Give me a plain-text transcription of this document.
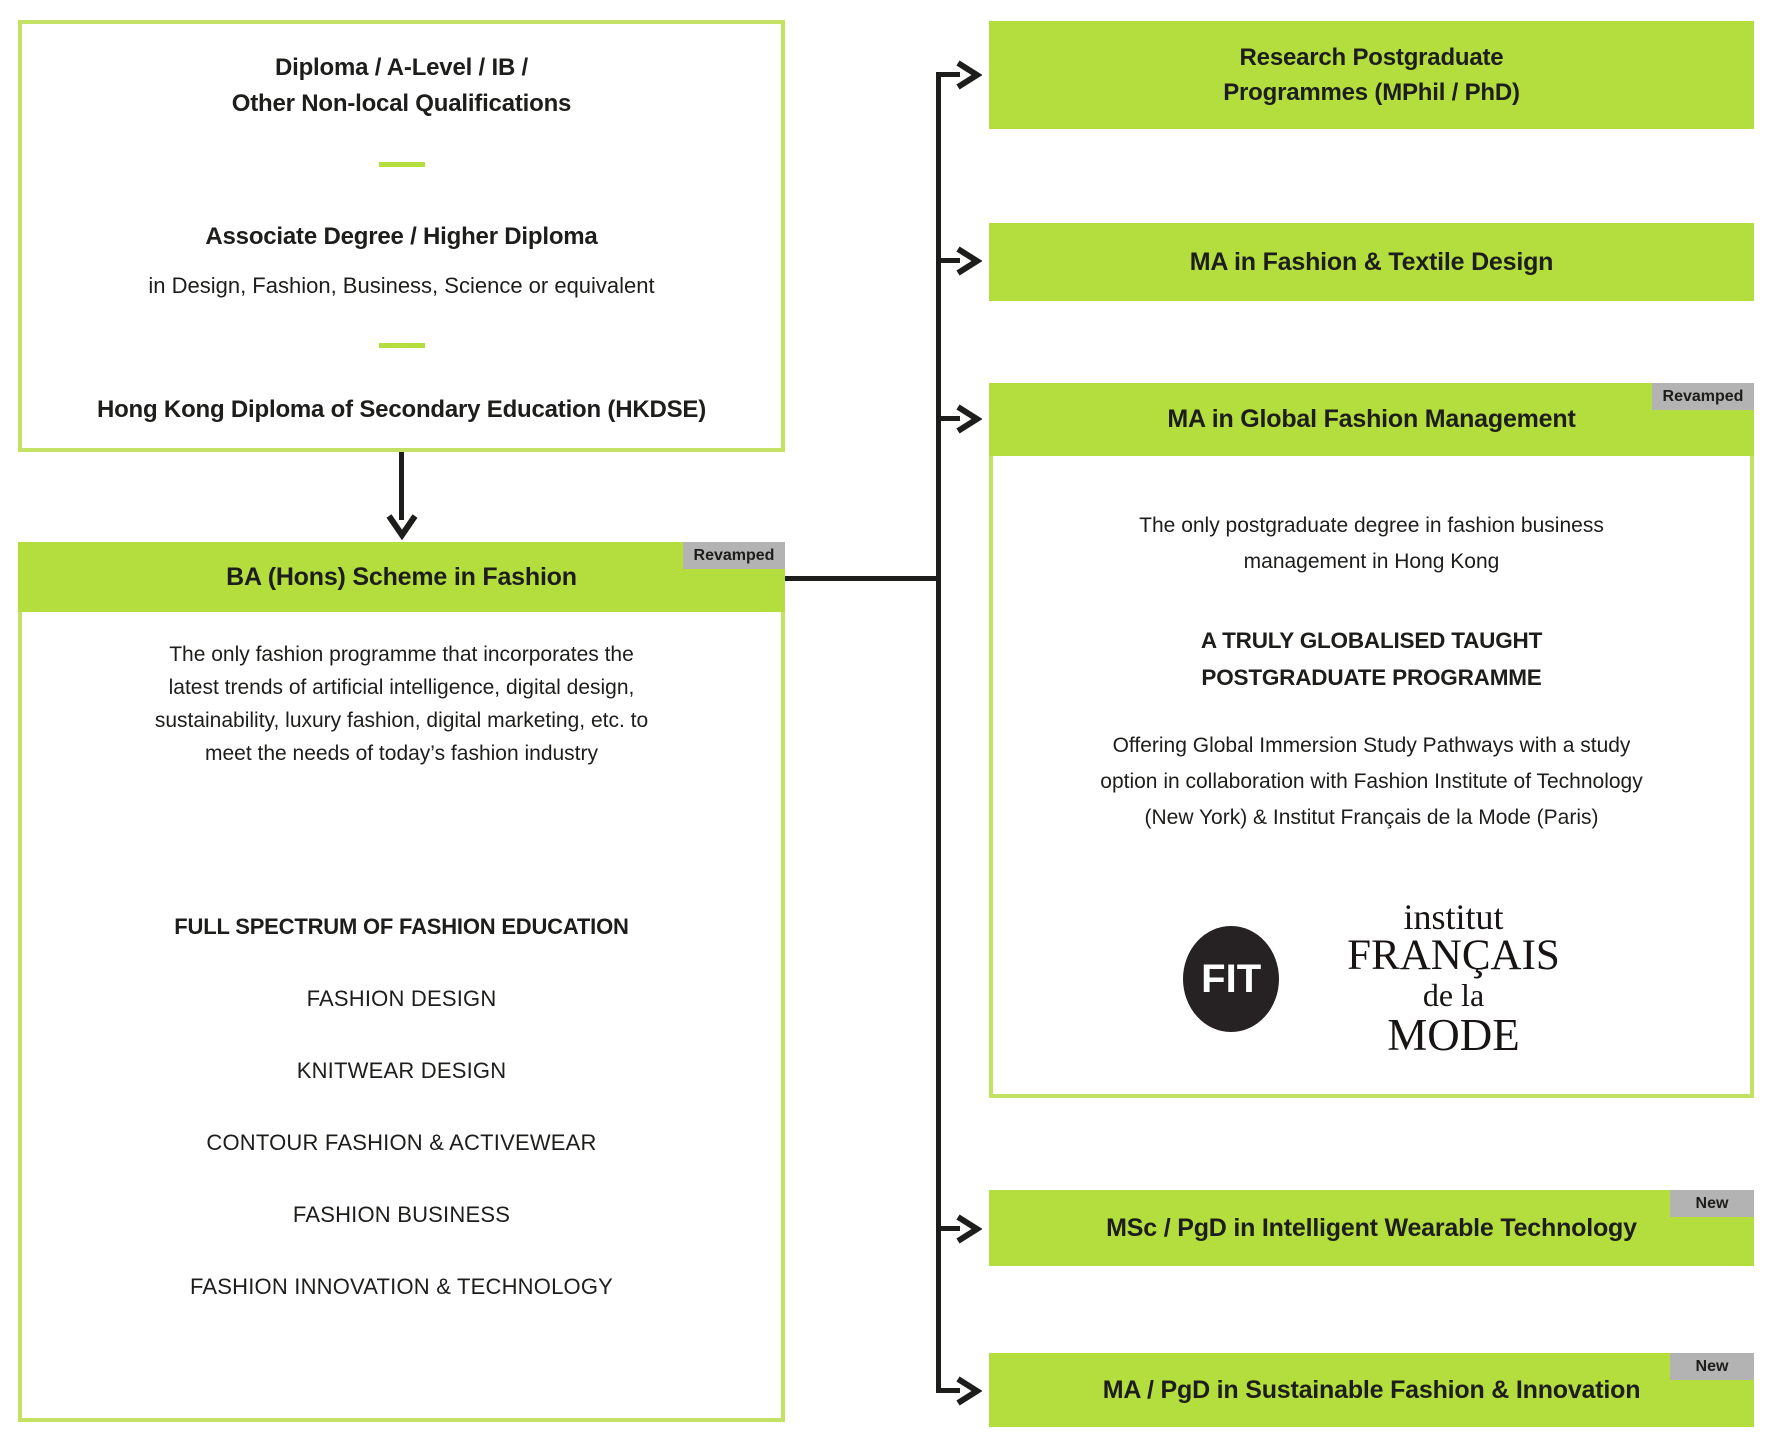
Diploma / A-Level / IB /
Other Non-local Qualifications
Associate Degree / Higher Diploma
in Design, Fashion, Business, Science or equivalent
Hong Kong Diploma of Secondary Education (HKDSE)
BA (Hons) Scheme in Fashion
Revamped
The only fashion programme that incorporates the
latest trends of artificial intelligence, digital design,
sustainability, luxury fashion, digital marketing, etc. to
meet the needs of today’s fashion industry
FULL SPECTRUM OF FASHION EDUCATION
FASHION DESIGN
KNITWEAR DESIGN
CONTOUR FASHION & ACTIVEWEAR
FASHION BUSINESS
FASHION INNOVATION & TECHNOLOGY
Research Postgraduate
Programmes (MPhil / PhD)
MA in Fashion & Textile Design
MA in Global Fashion Management
Revamped
The only postgraduate degree in fashion business
management in Hong Kong
A TRULY GLOBALISED TAUGHT
POSTGRADUATE PROGRAMME
Offering Global Immersion Study Pathways with a study
option in collaboration with Fashion Institute of Technology
(New York) & Institut Français de la Mode (Paris)
FIT
institut
FRANÇAIS
de la
MODE
MSc / PgD in Intelligent Wearable Technology
New
MA / PgD in Sustainable Fashion & Innovation
New
